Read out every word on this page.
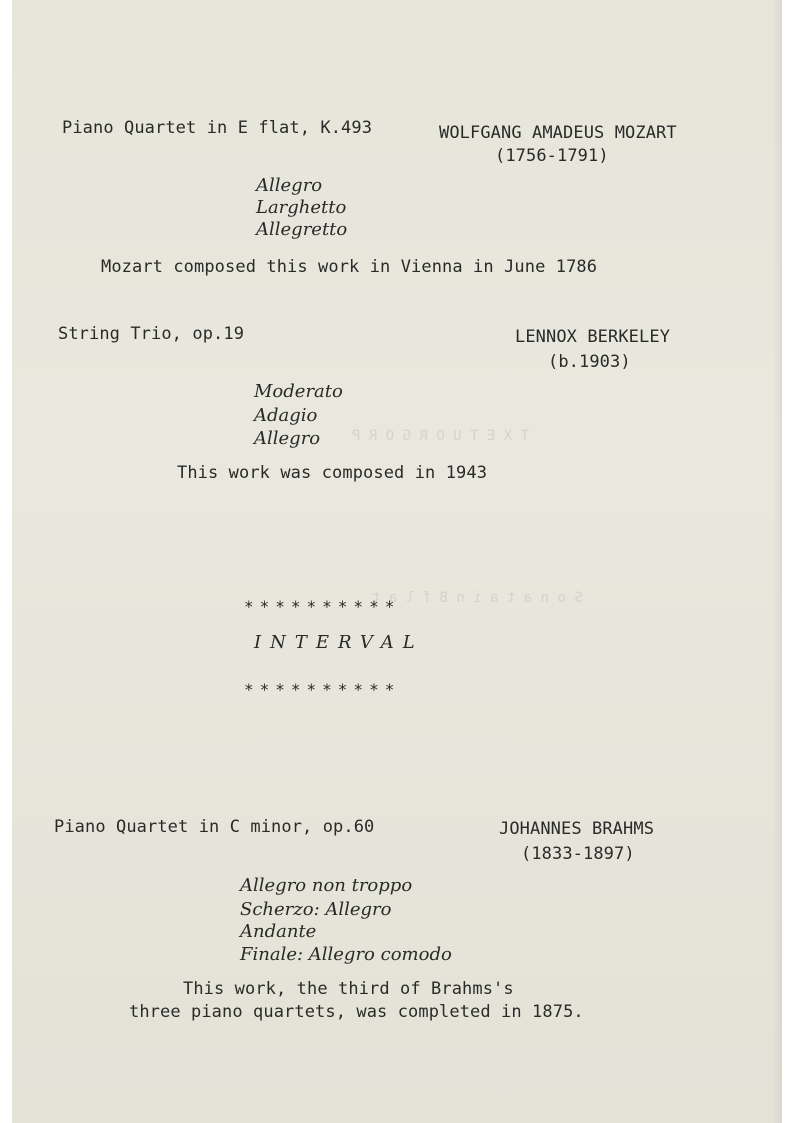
T X E T U O R G O R P
S o n a t a i n B f l a t
Piano Quartet in E flat, K.493	WOLFGANG AMADEUS MOZART
(1756-1791)
Allegro
Larghetto
Allegretto
Mozart composed this work in Vienna in June 1786
String Trio, op.19	LENNOX BERKELEY
(b.1903)
Moderato
Adagio
Allegro
This work was composed in 1943
**********
INTERVAL
**********
Piano Quartet in C minor, op.60	JOHANNES BRAHMS
(1833-1897)
Allegro non troppo
Scherzo: Allegro
Andante
Finale: Allegro comodo
This work, the third of Brahms's
three piano quartets, was completed in 1875.
